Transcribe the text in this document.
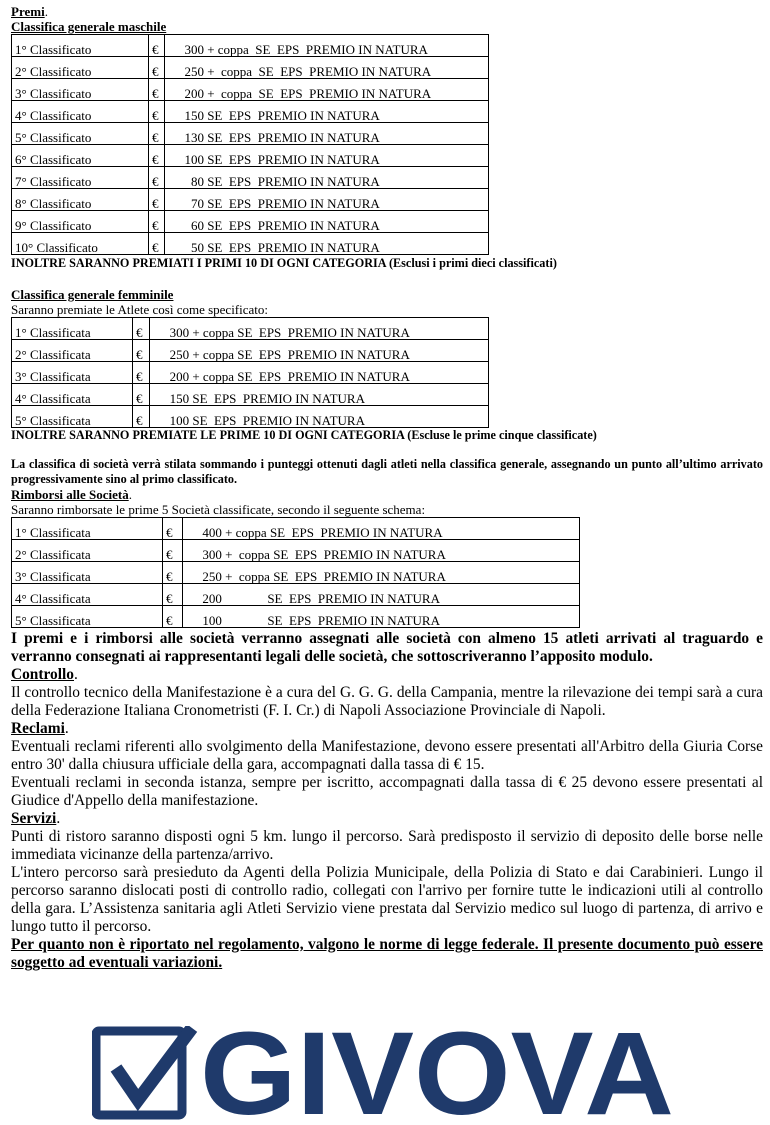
Premi.
Classifica generale maschile
1° Classificato	€	300 + coppa  SE  EPS  PREMIO IN NATURA
2° Classificato	€	250 +  coppa  SE  EPS  PREMIO IN NATURA
3° Classificato	€	200 +  coppa  SE  EPS  PREMIO IN NATURA
4° Classificato	€	150 SE  EPS  PREMIO IN NATURA
5° Classificato	€	130 SE  EPS  PREMIO IN NATURA
6° Classificato	€	100 SE  EPS  PREMIO IN NATURA
7° Classificato	€	80 SE  EPS  PREMIO IN NATURA
8° Classificato	€	70 SE  EPS  PREMIO IN NATURA
9° Classificato	€	60 SE  EPS  PREMIO IN NATURA
10° Classificato	€	50 SE  EPS  PREMIO IN NATURA
INOLTRE SARANNO PREMIATI I PRIMI 10 DI OGNI CATEGORIA (Esclusi i primi dieci classificati)
Classifica generale femminile
Saranno premiate le Atlete così come specificato:
1° Classificata	€	300 + coppa SE  EPS  PREMIO IN NATURA
2° Classificata	€	250 + coppa SE  EPS  PREMIO IN NATURA
3° Classificata	€	200 + coppa SE  EPS  PREMIO IN NATURA
4° Classificata	€	150 SE  EPS  PREMIO IN NATURA
5° Classificata	€	100 SE  EPS  PREMIO IN NATURA
INOLTRE SARANNO PREMIATE LE PRIME 10 DI OGNI CATEGORIA (Escluse le prime cinque classificate)
La classifica di società verrà stilata sommando i punteggi ottenuti dagli atleti nella classifica generale, assegnando un punto all’ultimo arrivato progressivamente sino al primo classificato.
Rimborsi alle Società.
Saranno rimborsate le prime 5 Società classificate, secondo il seguente schema:
1° Classificata	€	400 + coppa SE  EPS  PREMIO IN NATURA
2° Classificata	€	300 +  coppa SE  EPS  PREMIO IN NATURA
3° Classificata	€	250 +  coppa SE  EPS  PREMIO IN NATURA
4° Classificata	€	200              SE  EPS  PREMIO IN NATURA
5° Classificata	€	100              SE  EPS  PREMIO IN NATURA

I premi e i rimborsi alle società verranno assegnati alle società con almeno 15 atleti arrivati al traguardo e verranno consegnati ai rappresentanti legali delle società, che sottoscriveranno l’apposito modulo.

Controllo.

Il controllo tecnico della Manifestazione è a cura del G. G. G. della Campania, mentre la rilevazione dei tempi sarà a cura della Federazione Italiana Cronometristi (F. I. Cr.) di Napoli Associazione Provinciale di Napoli.

Reclami.

Eventuali reclami riferenti allo svolgimento della Manifestazione, devono essere presentati all'Arbitro della Giuria Corse entro 30' dalla chiusura ufficiale della gara, accompagnati dalla tassa di € 15.

Eventuali reclami in seconda istanza, sempre per iscritto, accompagnati dalla tassa di € 25 devono essere presentati al Giudice d'Appello della manifestazione.

Servizi.

Punti di ristoro saranno disposti ogni 5 km. lungo il percorso. Sarà predisposto il servizio di deposito delle borse nelle immediata vicinanze della partenza/arrivo.

L'intero percorso sarà presieduto da Agenti della Polizia Municipale, della Polizia di Stato e dai Carabinieri. Lungo il percorso saranno dislocati posti di controllo radio, collegati con l'arrivo per fornire tutte le indicazioni utili al controllo della gara. L’Assistenza sanitaria agli Atleti Servizio viene prestata dal Servizio medico sul luogo di partenza, di arrivo e lungo tutto il percorso.

Per quanto non è riportato nel regolamento, valgono le norme di legge federale. Il presente documento può essere soggetto ad eventuali variazioni.

GIVOVA
